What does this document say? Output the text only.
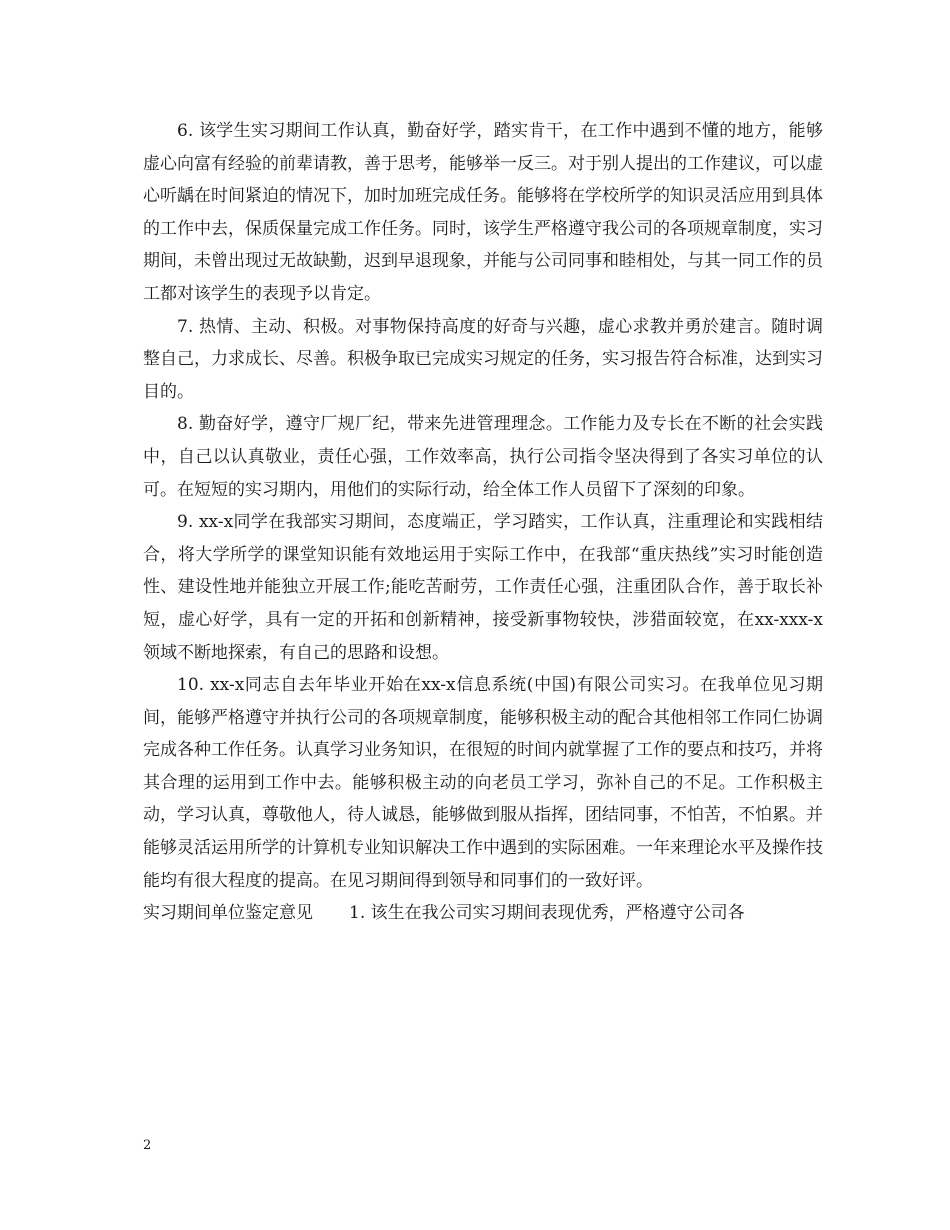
6. 该学生实习期间工作认真，勤奋好学，踏实肯干，在工作中遇到不懂的地方，能够虚心向富有经验的前辈请教，善于思考，能够举一反三。对于别人提出的工作建议，可以虚心听龋在时间紧迫的情况下，加时加班完成任务。能够将在学校所学的知识灵活应用到具体的工作中去，保质保量完成工作任务。同时，该学生严格遵守我公司的各项规章制度，实习期间，未曾出现过无故缺勤，迟到早退现象，并能与公司同事和睦相处，与其一同工作的员工都对该学生的表现予以肯定。

7. 热情、主动、积极。对事物保持高度的好奇与兴趣，虚心求教并勇於建言。随时调整自己，力求成长、尽善。积极争取已完成实习规定的任务，实习报告符合标准，达到实习目的。

8. 勤奋好学，遵守厂规厂纪，带来先进管理理念。工作能力及专长在不断的社会实践中，自己以认真敬业，责任心强，工作效率高，执行公司指令坚决得到了各实习单位的认可。在短短的实习期内，用他们的实际行动，给全体工作人员留下了深刻的印象。

9. xx-x同学在我部实习期间，态度端正，学习踏实，工作认真，注重理论和实践相结合，将大学所学的课堂知识能有效地运用于实际工作中，在我部“重庆热线”实习时能创造性、建设性地并能独立开展工作;能吃苦耐劳，工作责任心强，注重团队合作，善于取长补短，虚心好学，具有一定的开拓和创新精神，接受新事物较快，涉猎面较宽，在xx-xxx-x领域不断地探索，有自己的思路和设想。

10. xx-x同志自去年毕业开始在xx-x信息系统(中国)有限公司实习。在我单位见习期间，能够严格遵守并执行公司的各项规章制度，能够积极主动的配合其他相邻工作同仁协调完成各种工作任务。认真学习业务知识，在很短的时间内就掌握了工作的要点和技巧，并将其合理的运用到工作中去。能够积极主动的向老员工学习，弥补自己的不足。工作积极主动，学习认真，尊敬他人，待人诚恳，能够做到服从指挥，团结同事，不怕苦，不怕累。并能够灵活运用所学的计算机专业知识解决工作中遇到的实际困难。一年来理论水平及操作技能均有很大程度的提高。在见习期间得到领导和同事们的一致好评。

实习期间单位鉴定意见 1. 该生在我公司实习期间表现优秀，严格遵守公司各

2
